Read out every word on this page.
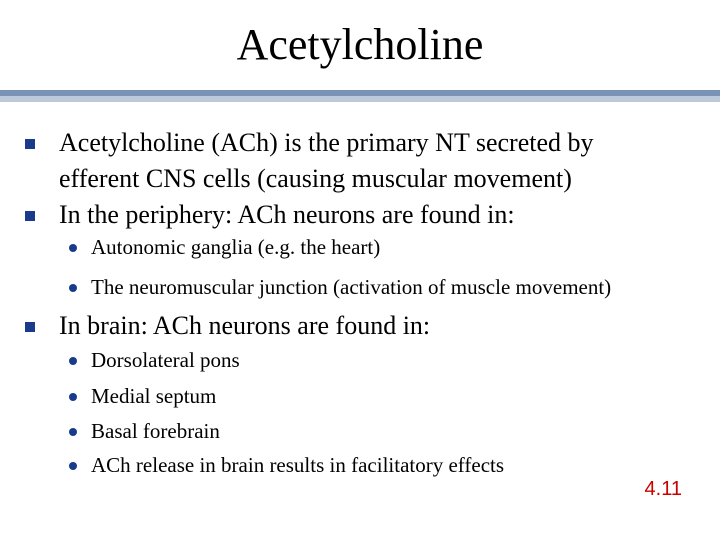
Acetylcholine
Acetylcholine (ACh) is the primary NT secreted by
efferent CNS cells (causing muscular movement)
In the periphery: ACh neurons are found in:
Autonomic ganglia (e.g. the heart)
The neuromuscular junction (activation of muscle movement)
In brain: ACh neurons are found in:
Dorsolateral pons
Medial septum
Basal forebrain
ACh release in brain results in facilitatory effects
4.11
